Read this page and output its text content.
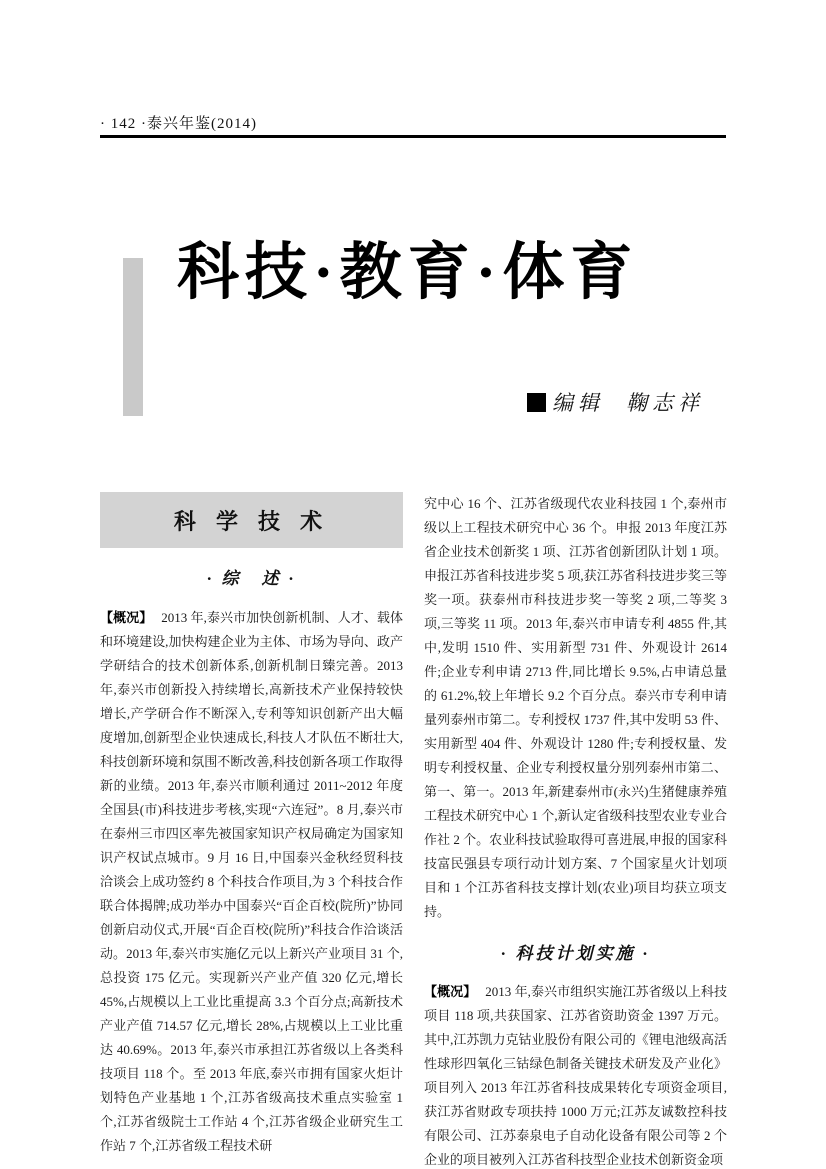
· 142 ·泰兴年鉴(2014)
科技·教育·体育
编辑 鞠志祥
科 学 技 术
· 综　述 ·

【概况】 2013 年,泰兴市加快创新机制、人才、载体和环境建设,加快构建企业为主体、市场为导向、政产学研结合的技术创新体系,创新机制日臻完善。2013 年,泰兴市创新投入持续增长,高新技术产业保持较快增长,产学研合作不断深入,专利等知识创新产出大幅度增加,创新型企业快速成长,科技人才队伍不断壮大,科技创新环境和氛围不断改善,科技创新各项工作取得新的业绩。2013 年,泰兴市顺利通过 2011~2012 年度全国县(市)科技进步考核,实现“六连冠”。8 月,泰兴市在泰州三市四区率先被国家知识产权局确定为国家知识产权试点城市。9 月 16 日,中国泰兴金秋经贸科技洽谈会上成功签约 8 个科技合作项目,为 3 个科技合作联合体揭牌;成功举办中国泰兴“百企百校(院所)”协同创新启动仪式,开展“百企百校(院所)”科技合作洽谈活动。2013 年,泰兴市实施亿元以上新兴产业项目 31 个,总投资 175 亿元。实现新兴产业产值 320 亿元,增长 45%,占规模以上工业比重提高 3.3 个百分点;高新技术产业产值 714.57 亿元,增长 28%,占规模以上工业比重达 40.69%。2013 年,泰兴市承担江苏省级以上各类科技项目 118 个。至 2013 年底,泰兴市拥有国家火炬计划特色产业基地 1 个,江苏省级高技术重点实验室 1 个,江苏省级院士工作站 4 个,江苏省级企业研究生工作站 7 个,江苏省级工程技术研

究中心 16 个、江苏省级现代农业科技园 1 个,泰州市级以上工程技术研究中心 36 个。申报 2013 年度江苏省企业技术创新奖 1 项、江苏省创新团队计划 1 项。申报江苏省科技进步奖 5 项,获江苏省科技进步奖三等奖一项。获泰州市科技进步奖一等奖 2 项,二等奖 3 项,三等奖 11 项。2013 年,泰兴市申请专利 4855 件,其中,发明 1510 件、实用新型 731 件、外观设计 2614 件;企业专利申请 2713 件,同比增长 9.5%,占申请总量的 61.2%,较上年增长 9.2 个百分点。泰兴市专利申请量列泰州市第二。专利授权 1737 件,其中发明 53 件、实用新型 404 件、外观设计 1280 件;专利授权量、发明专利授权量、企业专利授权量分别列泰州市第二、第一、第一。2013 年,新建泰州市(永兴)生猪健康养殖工程技术研究中心 1 个,新认定省级科技型农业专业合作社 2 个。农业科技试验取得可喜进展,申报的国家科技富民强县专项行动计划方案、7 个国家星火计划项目和 1 个江苏省科技支撑计划(农业)项目均获立项支持。

· 科技计划实施 ·

【概况】 2013 年,泰兴市组织实施江苏省级以上科技项目 118 项,共获国家、江苏省资助资金 1397 万元。其中,江苏凯力克钴业股份有限公司的《锂电池级高活性球形四氧化三钴绿色制备关键技术研发及产业化》项目列入 2013 年江苏省科技成果转化专项资金项目,获江苏省财政专项扶持 1000 万元;江苏友诚数控科技有限公司、江苏泰泉电子自动化设备有限公司等 2 个企业的项目被列入江苏省科技型企业技术创新资金项
